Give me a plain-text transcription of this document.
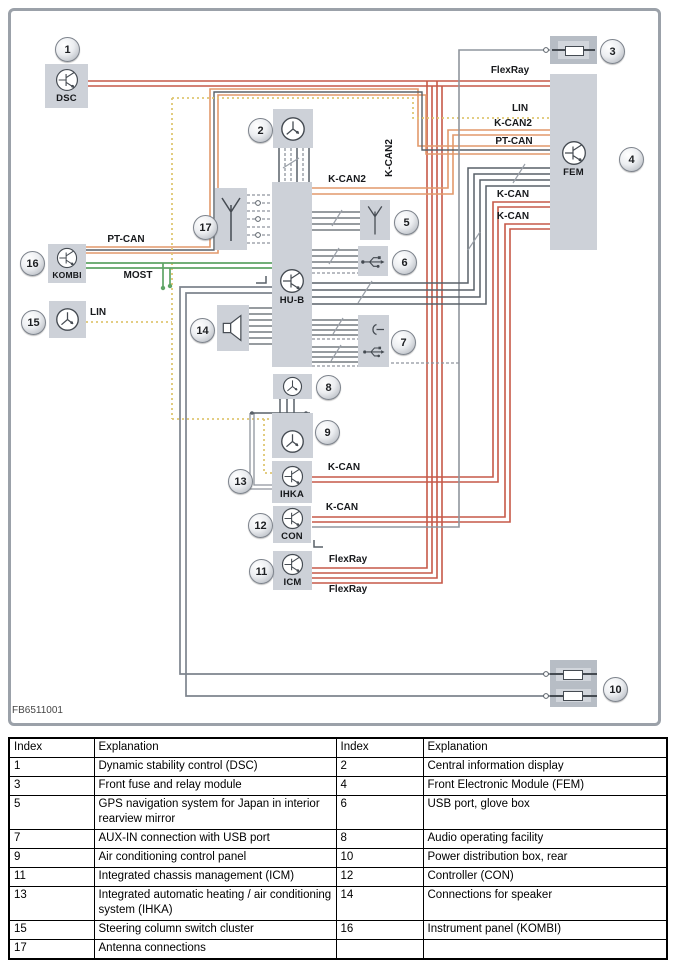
DSC
FEM
HU-B
IHKA
CON
ICM
KOMBI
FlexRay
LIN
K-CAN2
PT-CAN
K-CAN
K-CAN
K-CAN2
K-CAN2
PT-CAN
MOST
LIN
K-CAN
K-CAN
FlexRay
FlexRay
FB6511001
1
2
3
4
5
6
7
8
9
10
11
12
13
14
15
16
17
Index	Explanation	Index	Explanation
1	Dynamic stability control (DSC)	2	Central information display
3	Front fuse and relay module	4	Front Electronic Module (FEM)
5	GPS navigation system for Japan in interior rearview mirror	6	USB port, glove box
7	AUX-IN connection with USB port	8	Audio operating facility
9	Air conditioning control panel	10	Power distribution box, rear
11	Integrated chassis management (ICM)	12	Controller (CON)
13	Integrated automatic heating / air conditioning system (IHKA)	14	Connections for speaker
15	Steering column switch cluster	16	Instrument panel (KOMBI)
17	Antenna connections		
